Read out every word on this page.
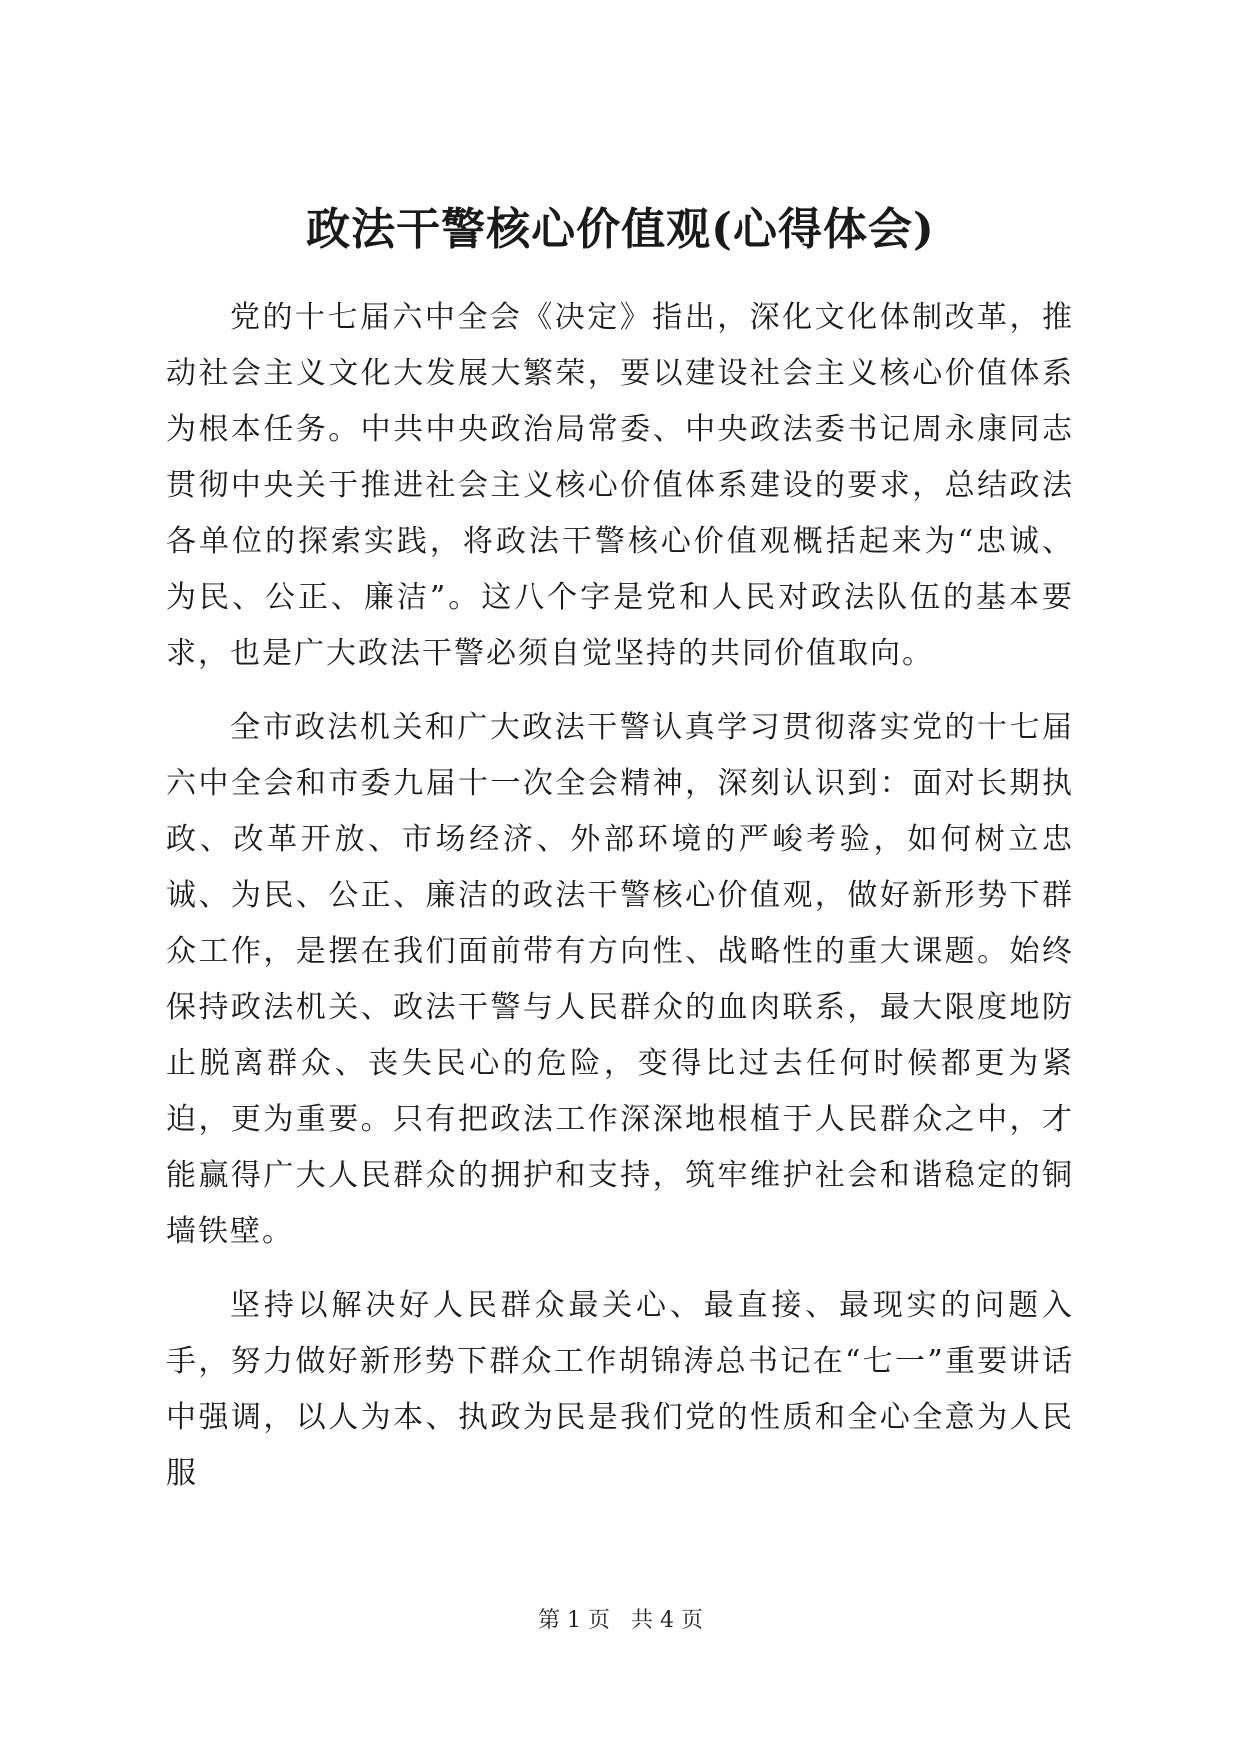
政法干警核心价值观(心得体会)

党的十七届六中全会《决定》指出，深化文化体制改革，推动社会主义文化大发展大繁荣，要以建设社会主义核心价值体系为根本任务。中共中央政治局常委、中央政法委书记周永康同志贯彻中央关于推进社会主义核心价值体系建设的要求，总结政法各单位的探索实践，将政法干警核心价值观概括起来为“忠诚、为民、公正、廉洁”。这八个字是党和人民对政法队伍的基本要求，也是广大政法干警必须自觉坚持的共同价值取向。

全市政法机关和广大政法干警认真学习贯彻落实党的十七届六中全会和市委九届十一次全会精神，深刻认识到：面对长期执政、改革开放、市场经济、外部环境的严峻考验，如何树立忠诚、为民、公正、廉洁的政法干警核心价值观，做好新形势下群众工作，是摆在我们面前带有方向性、战略性的重大课题。始终保持政法机关、政法干警与人民群众的血肉联系，最大限度地防止脱离群众、丧失民心的危险，变得比过去任何时候都更为紧迫，更为重要。只有把政法工作深深地根植于人民群众之中，才能赢得广大人民群众的拥护和支持，筑牢维护社会和谐稳定的铜墙铁壁。

坚持以解决好人民群众最关心、最直接、最现实的问题入手，努力做好新形势下群众工作胡锦涛总书记在“七一”重要讲话中强调，以人为本、执政为民是我们党的性质和全心全意为人民服

第 1 页 共 4 页
